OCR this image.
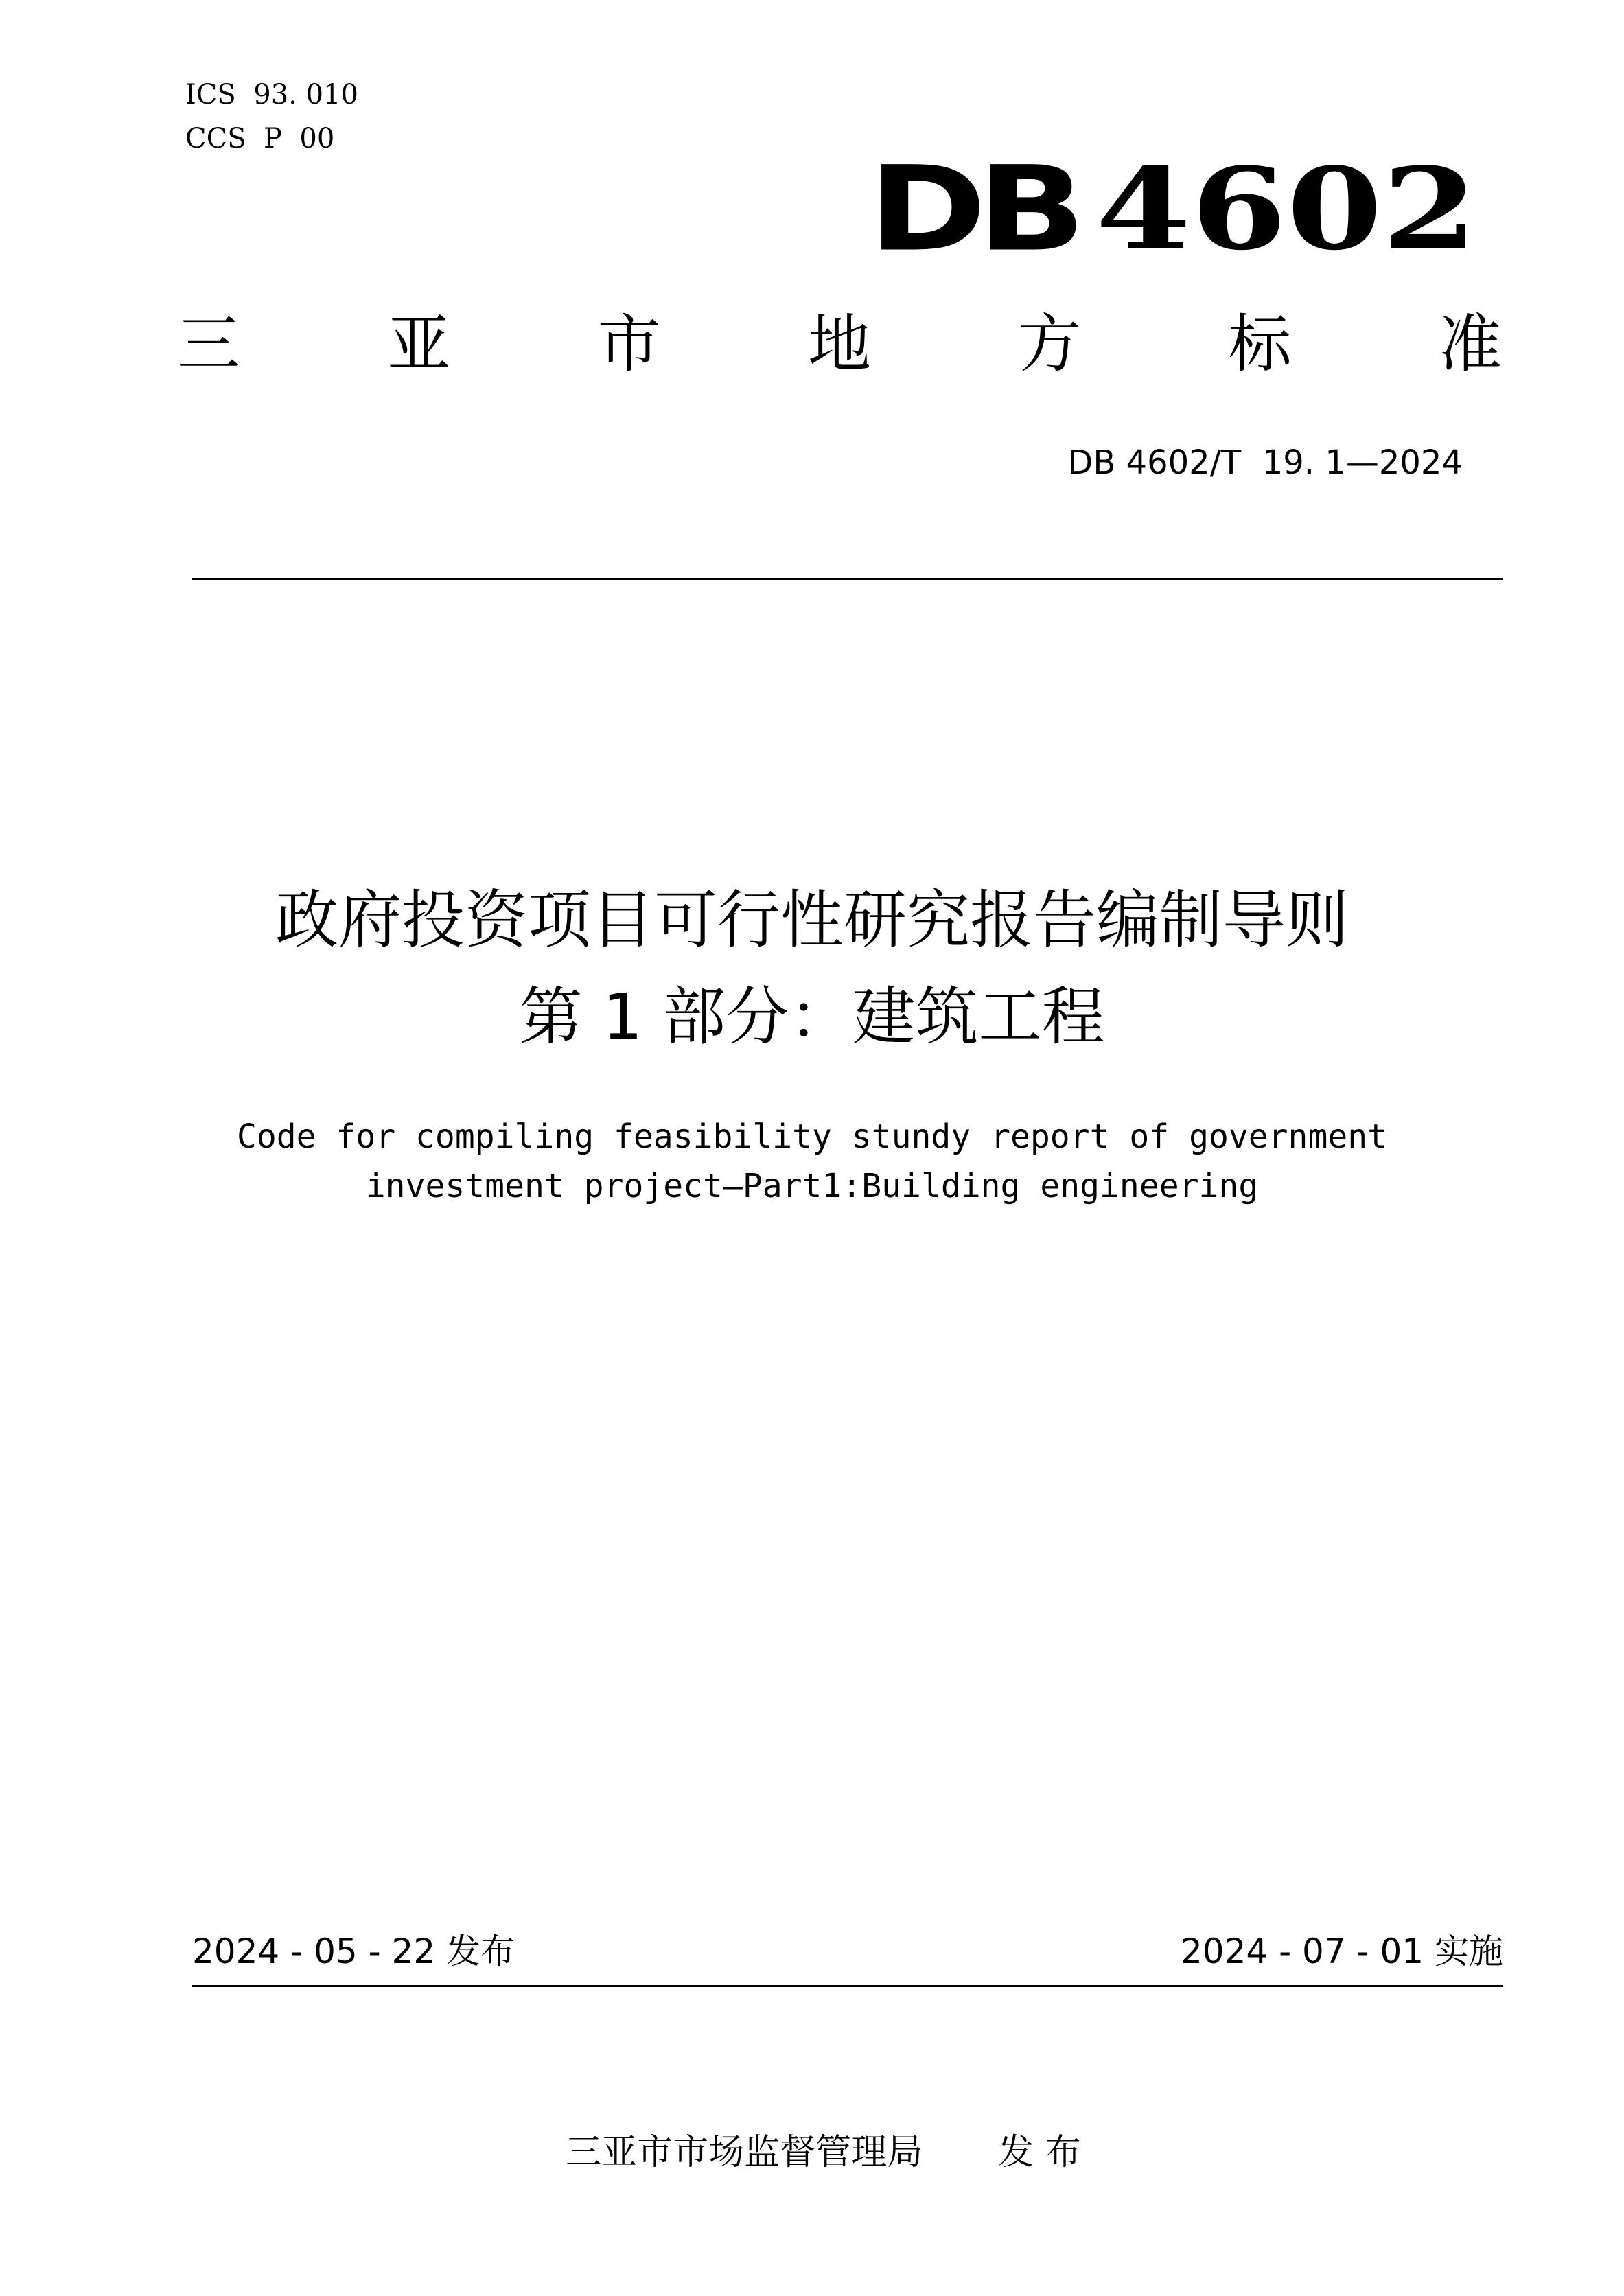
ICS  93. 010
CCS  P  00
DB 4602
三 亚 市 地 方 标 准
DB 4602/T  19. 1—2024
政府投资项目可行性研究报告编制导则
第 1 部分：建筑工程
Code for compiling feasibility stundy report of government
investment project—Part1:Building engineering
2024 - 05 - 22 发布	2024 - 07 - 01 实施

三亚市市场监督管理局 发 布
